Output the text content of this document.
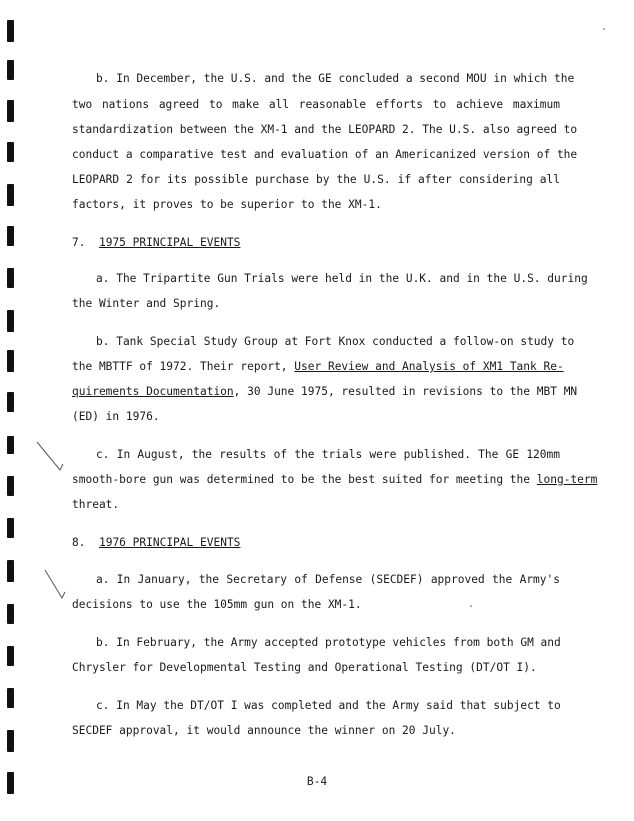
b. In December, the U.S. and the GE concluded a second MOU in which the
two nations agreed to make all reasonable efforts to achieve maximum
standardization between the XM-1 and the LEOPARD 2. The U.S. also agreed to
conduct a comparative test and evaluation of an Americanized version of the
LEOPARD 2 for its possible purchase by the U.S. if after considering all
factors, it proves to be superior to the XM-1.
7. 1975 PRINCIPAL EVENTS
a. The Tripartite Gun Trials were held in the U.K. and in the U.S. during
the Winter and Spring.
b. Tank Special Study Group at Fort Knox conducted a follow-on study to
the MBTTF of 1972. Their report, User Review and Analysis of XM1 Tank Re-
quirements Documentation, 30 June 1975, resulted in revisions to the MBT MN
(ED) in 1976.
c. In August, the results of the trials were published. The GE 120mm
smooth-bore gun was determined to be the best suited for meeting the long-term
threat.
8. 1976 PRINCIPAL EVENTS
a. In January, the Secretary of Defense (SECDEF) approved the Army's
decisions to use the 105mm gun on the XM-1.
b. In February, the Army accepted prototype vehicles from both GM and
Chrysler for Developmental Testing and Operational Testing (DT/OT I).
c. In May the DT/OT I was completed and the Army said that subject to
SECDEF approval, it would announce the winner on 20 July.
B-4
